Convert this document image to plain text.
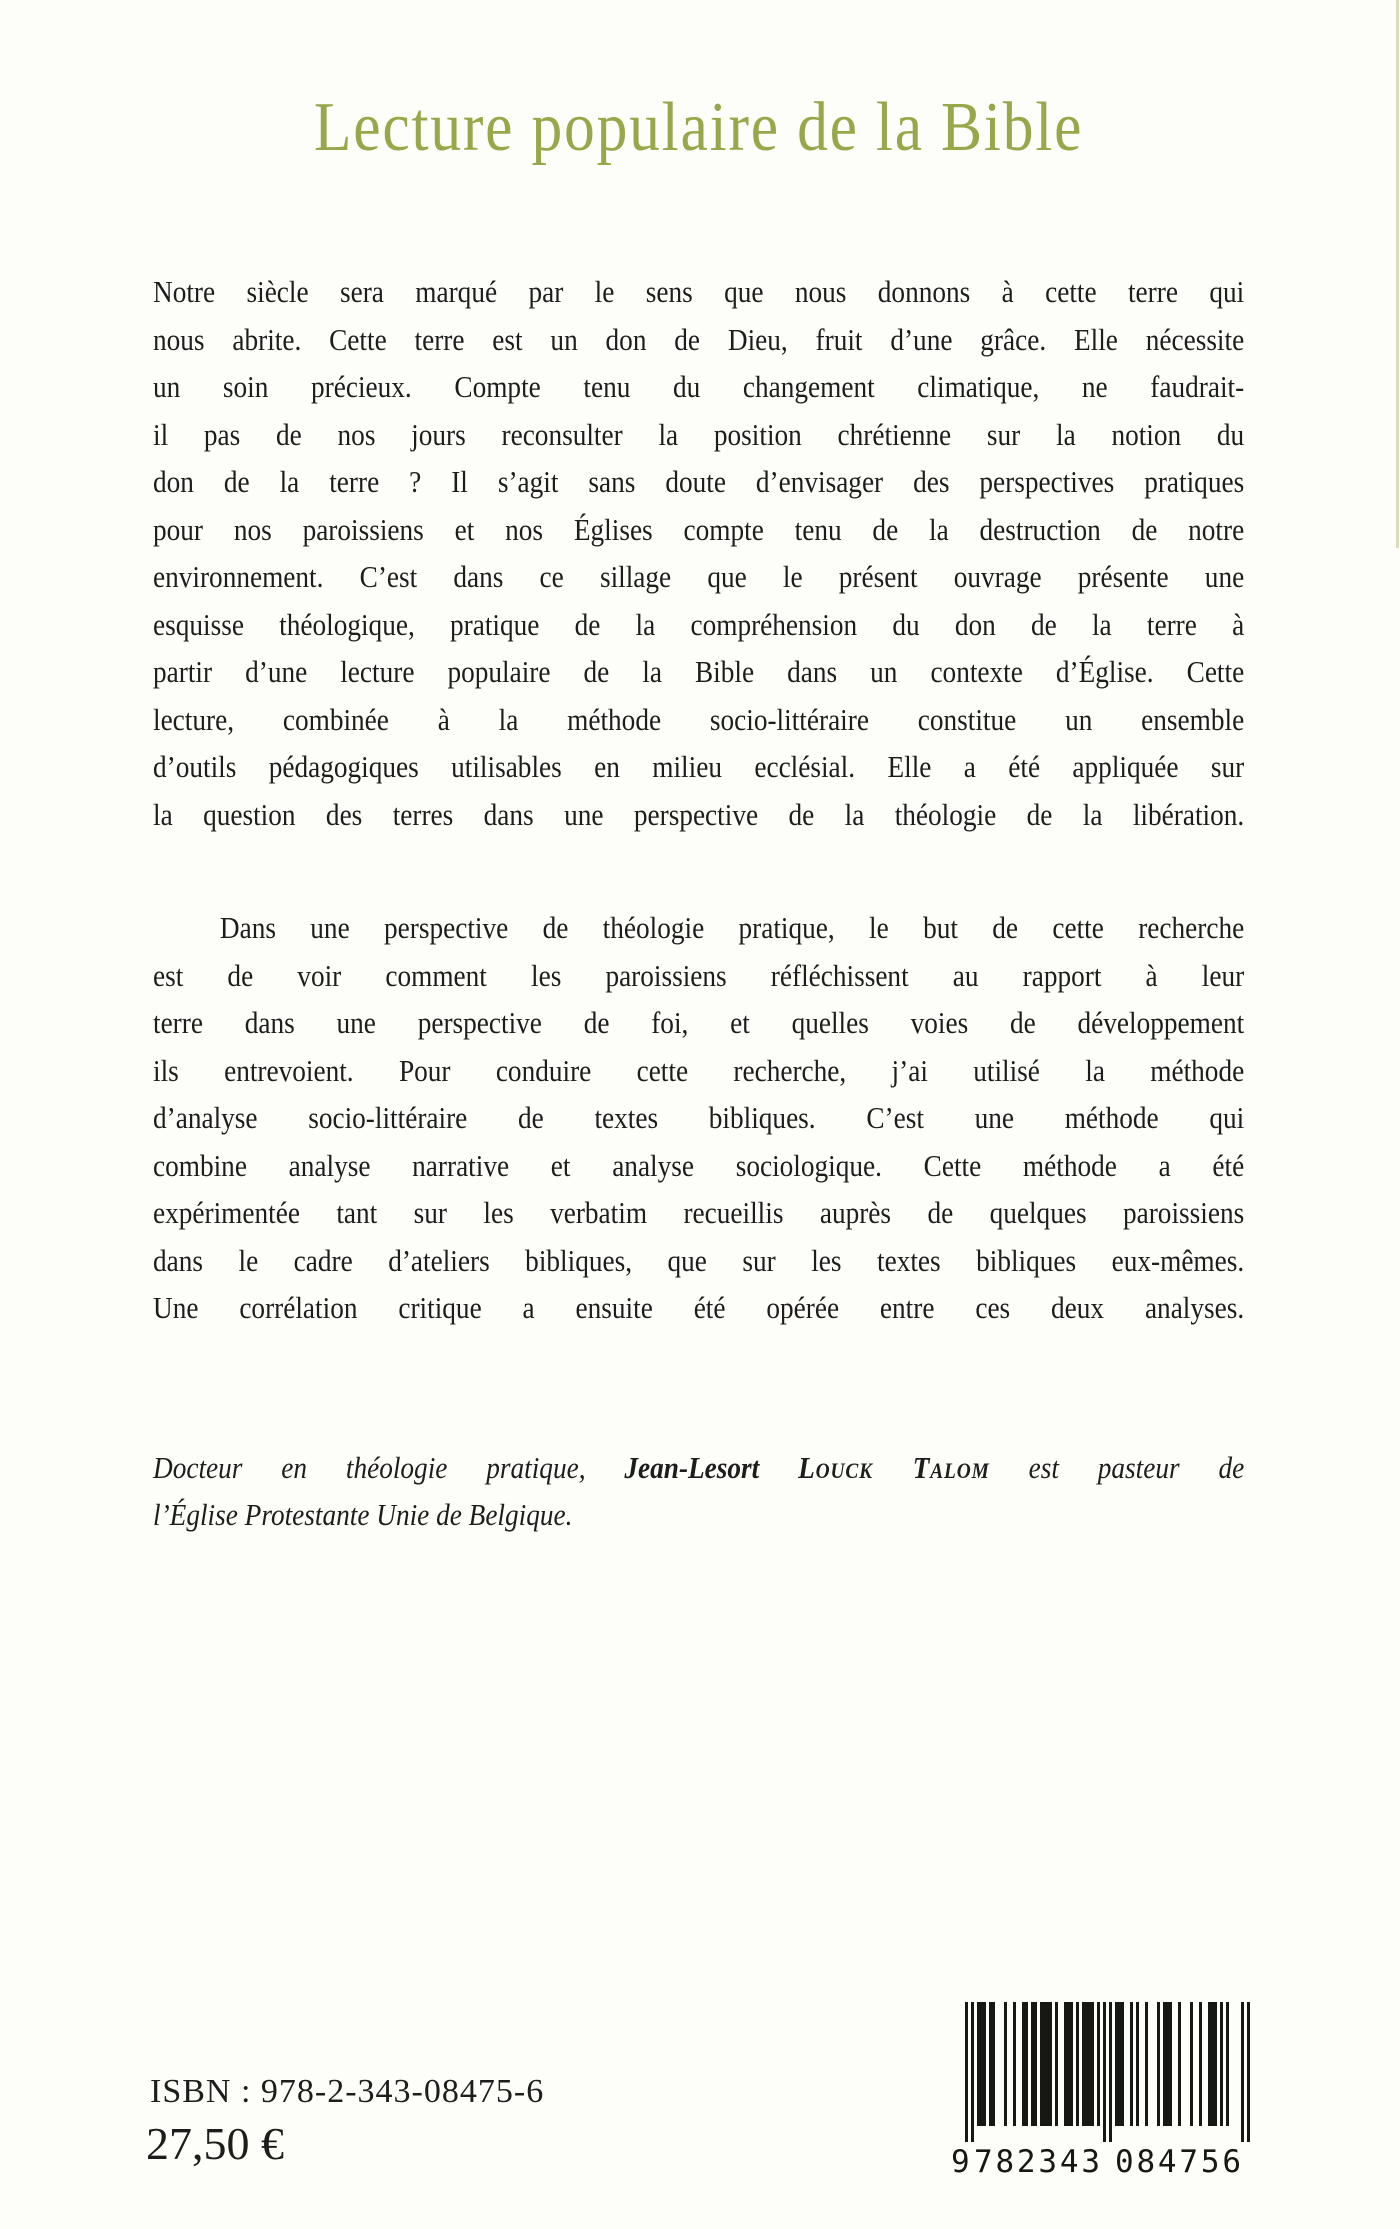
Lecture populaire de la Bible
Notre siècle sera marqué par le sens que nous donnons à cette terre qui
nous abrite. Cette terre est un don de Dieu, fruit d’une grâce. Elle nécessite
un soin précieux. Compte tenu du changement climatique, ne faudrait-
il pas de nos jours reconsulter la position chrétienne sur la notion du
don de la terre ? Il s’agit sans doute d’envisager des perspectives pratiques
pour nos paroissiens et nos Églises compte tenu de la destruction de notre
environnement. C’est dans ce sillage que le présent ouvrage présente une
esquisse théologique, pratique de la compréhension du don de la terre à
partir d’une lecture populaire de la Bible dans un contexte d’Église. Cette
lecture, combinée à la méthode socio-littéraire constitue un ensemble
d’outils pédagogiques utilisables en milieu ecclésial. Elle a été appliquée sur
la question des terres dans une perspective de la théologie de la libération.
Dans une perspective de théologie pratique, le but de cette recherche
est de voir comment les paroissiens réfléchissent au rapport à leur
terre dans une perspective de foi, et quelles voies de développement
ils entrevoient. Pour conduire cette recherche, j’ai utilisé la méthode
d’analyse socio-littéraire de textes bibliques. C’est une méthode qui
combine analyse narrative et analyse sociologique. Cette méthode a été
expérimentée tant sur les verbatim recueillis auprès de quelques paroissiens
dans le cadre d’ateliers bibliques, que sur les textes bibliques eux-mêmes.
Une corrélation critique a ensuite été opérée entre ces deux analyses.
Docteur en théologie pratique, Jean-Lesort Louck Talom est pasteur de
l’Église Protestante Unie de Belgique.
ISBN : 978-2-343-08475-6
27,50 €	9 782343 084756
